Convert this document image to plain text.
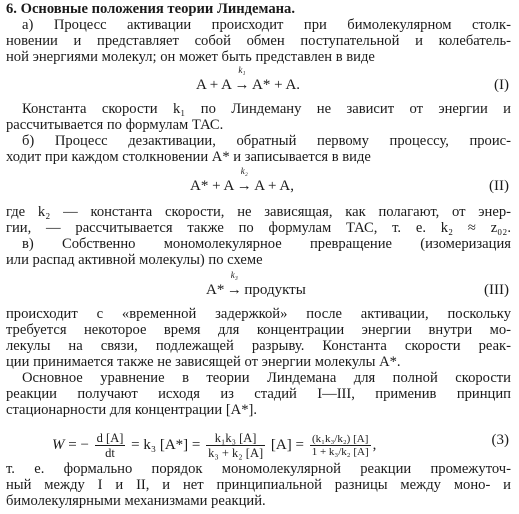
6. Основные положения теории Линдемана.
а) Процесс активации происходит при бимолекулярном столк-
новении и представляет собой обмен поступательной и колебатель-
ной энергиями молекул; он может быть представлен в виде
A + A
k₁
→ A* + A.	(I)
Константа скорости k₁ по Линдеману не зависит от энергии и
рассчитывается по формулам ТАС.
б) Процесс дезактивации, обратный первому процессу, проис-
ходит при каждом столкновении A* и записывается в виде
A* + A
k₂
→ A + A,	(II)
где k₂ — константа скорости, не зависящая, как полагают, от энер-
гии, — рассчитывается также по формулам ТАС, т. е. k₂ ≈ z₀₂.
в) Собственно мономолекулярное превращение (изомеризация
или распад активной молекулы) по схеме
A*
k₃
→ продукты	(III)
происходит с «временной задержкой» после активации, поскольку
требуется некоторое время для концентрации энергии внутри мо-
лекулы на связи, подлежащей разрыву. Константа скорости реак-
ции принимается также не зависящей от энергии молекулы A*.
Основное уравнение в теории Линдемана для полной скорости
реакции получают исходя из стадий I—III, применив принцип
стационарности для концентрации [A*].
W = − $\frac{d [A]}{dt} = k_3$ $[A*] = \frac{\text{k₁k₃ [A]}}{\text{k₃ + k₂ [A]}} [A] = \frac{\text{(k₁k₃/k₂) [A]}}{\text{1 + k₃/k₂ [A]}}$ ,	(3)
т. е. формально порядок мономолекулярной реакции промежуточ-
ный между I и II, и нет принципиальной разницы между моно- и
бимолекулярными механизмами реакций.
